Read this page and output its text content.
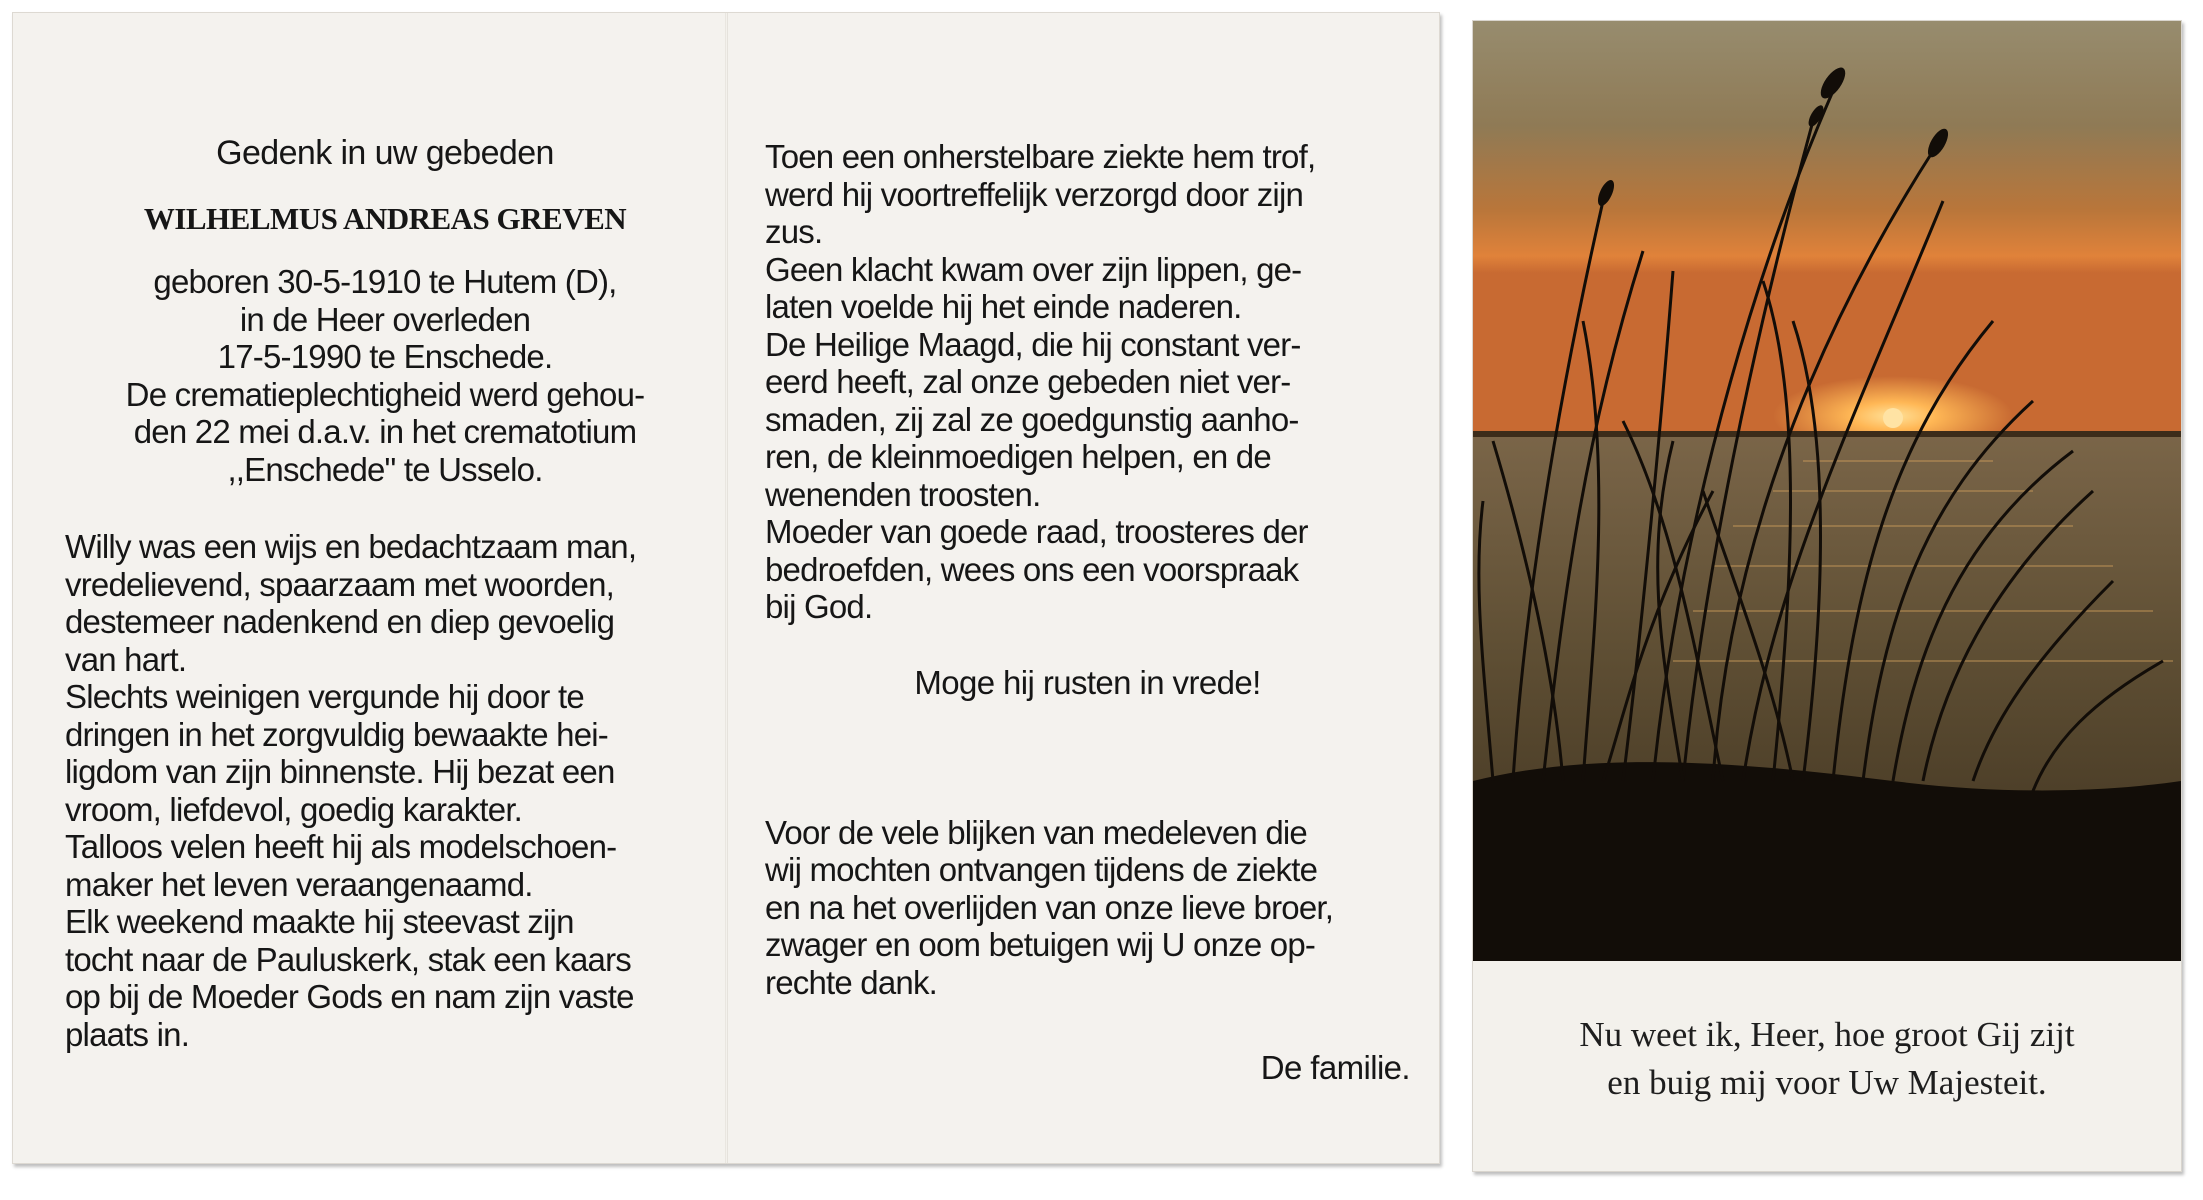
Gedenk in uw gebeden
WILHELMUS ANDREAS GREVEN
geboren 30-5-1910 te Hutem (D),
in de Heer overleden
17-5-1990 te Enschede.
De crematieplechtigheid werd gehou-
den 22 mei d.a.v. in het crematotium
,,Enschede" te Usselo.
Willy was een wijs en bedachtzaam man,
vredelievend, spaarzaam met woorden,
destemeer nadenkend en diep gevoelig
van hart.
Slechts weinigen vergunde hij door te
dringen in het zorgvuldig bewaakte hei-
ligdom van zijn binnenste. Hij bezat een
vroom, liefdevol, goedig karakter.
Talloos velen heeft hij als modelschoen-
maker het leven veraangenaamd.
Elk weekend maakte hij steevast zijn
tocht naar de Pauluskerk, stak een kaars
op bij de Moeder Gods en nam zijn vaste
plaats in.
Toen een onherstelbare ziekte hem trof,
werd hij voortreffelijk verzorgd door zijn
zus.
Geen klacht kwam over zijn lippen, ge-
laten voelde hij het einde naderen.
De Heilige Maagd, die hij constant ver-
eerd heeft, zal onze gebeden niet ver-
smaden, zij zal ze goedgunstig aanho-
ren, de kleinmoedigen helpen, en de
wenenden troosten.
Moeder van goede raad, troosteres der
bedroefden, wees ons een voorspraak
bij God.
Moge hij rusten in vrede!
Voor de vele blijken van medeleven die
wij mochten ontvangen tijdens de ziekte
en na het overlijden van onze lieve broer,
zwager en oom betuigen wij U onze op-
rechte dank.
De familie.
Nu weet ik, Heer, hoe groot Gij zijt
en buig mij voor Uw Majesteit.
